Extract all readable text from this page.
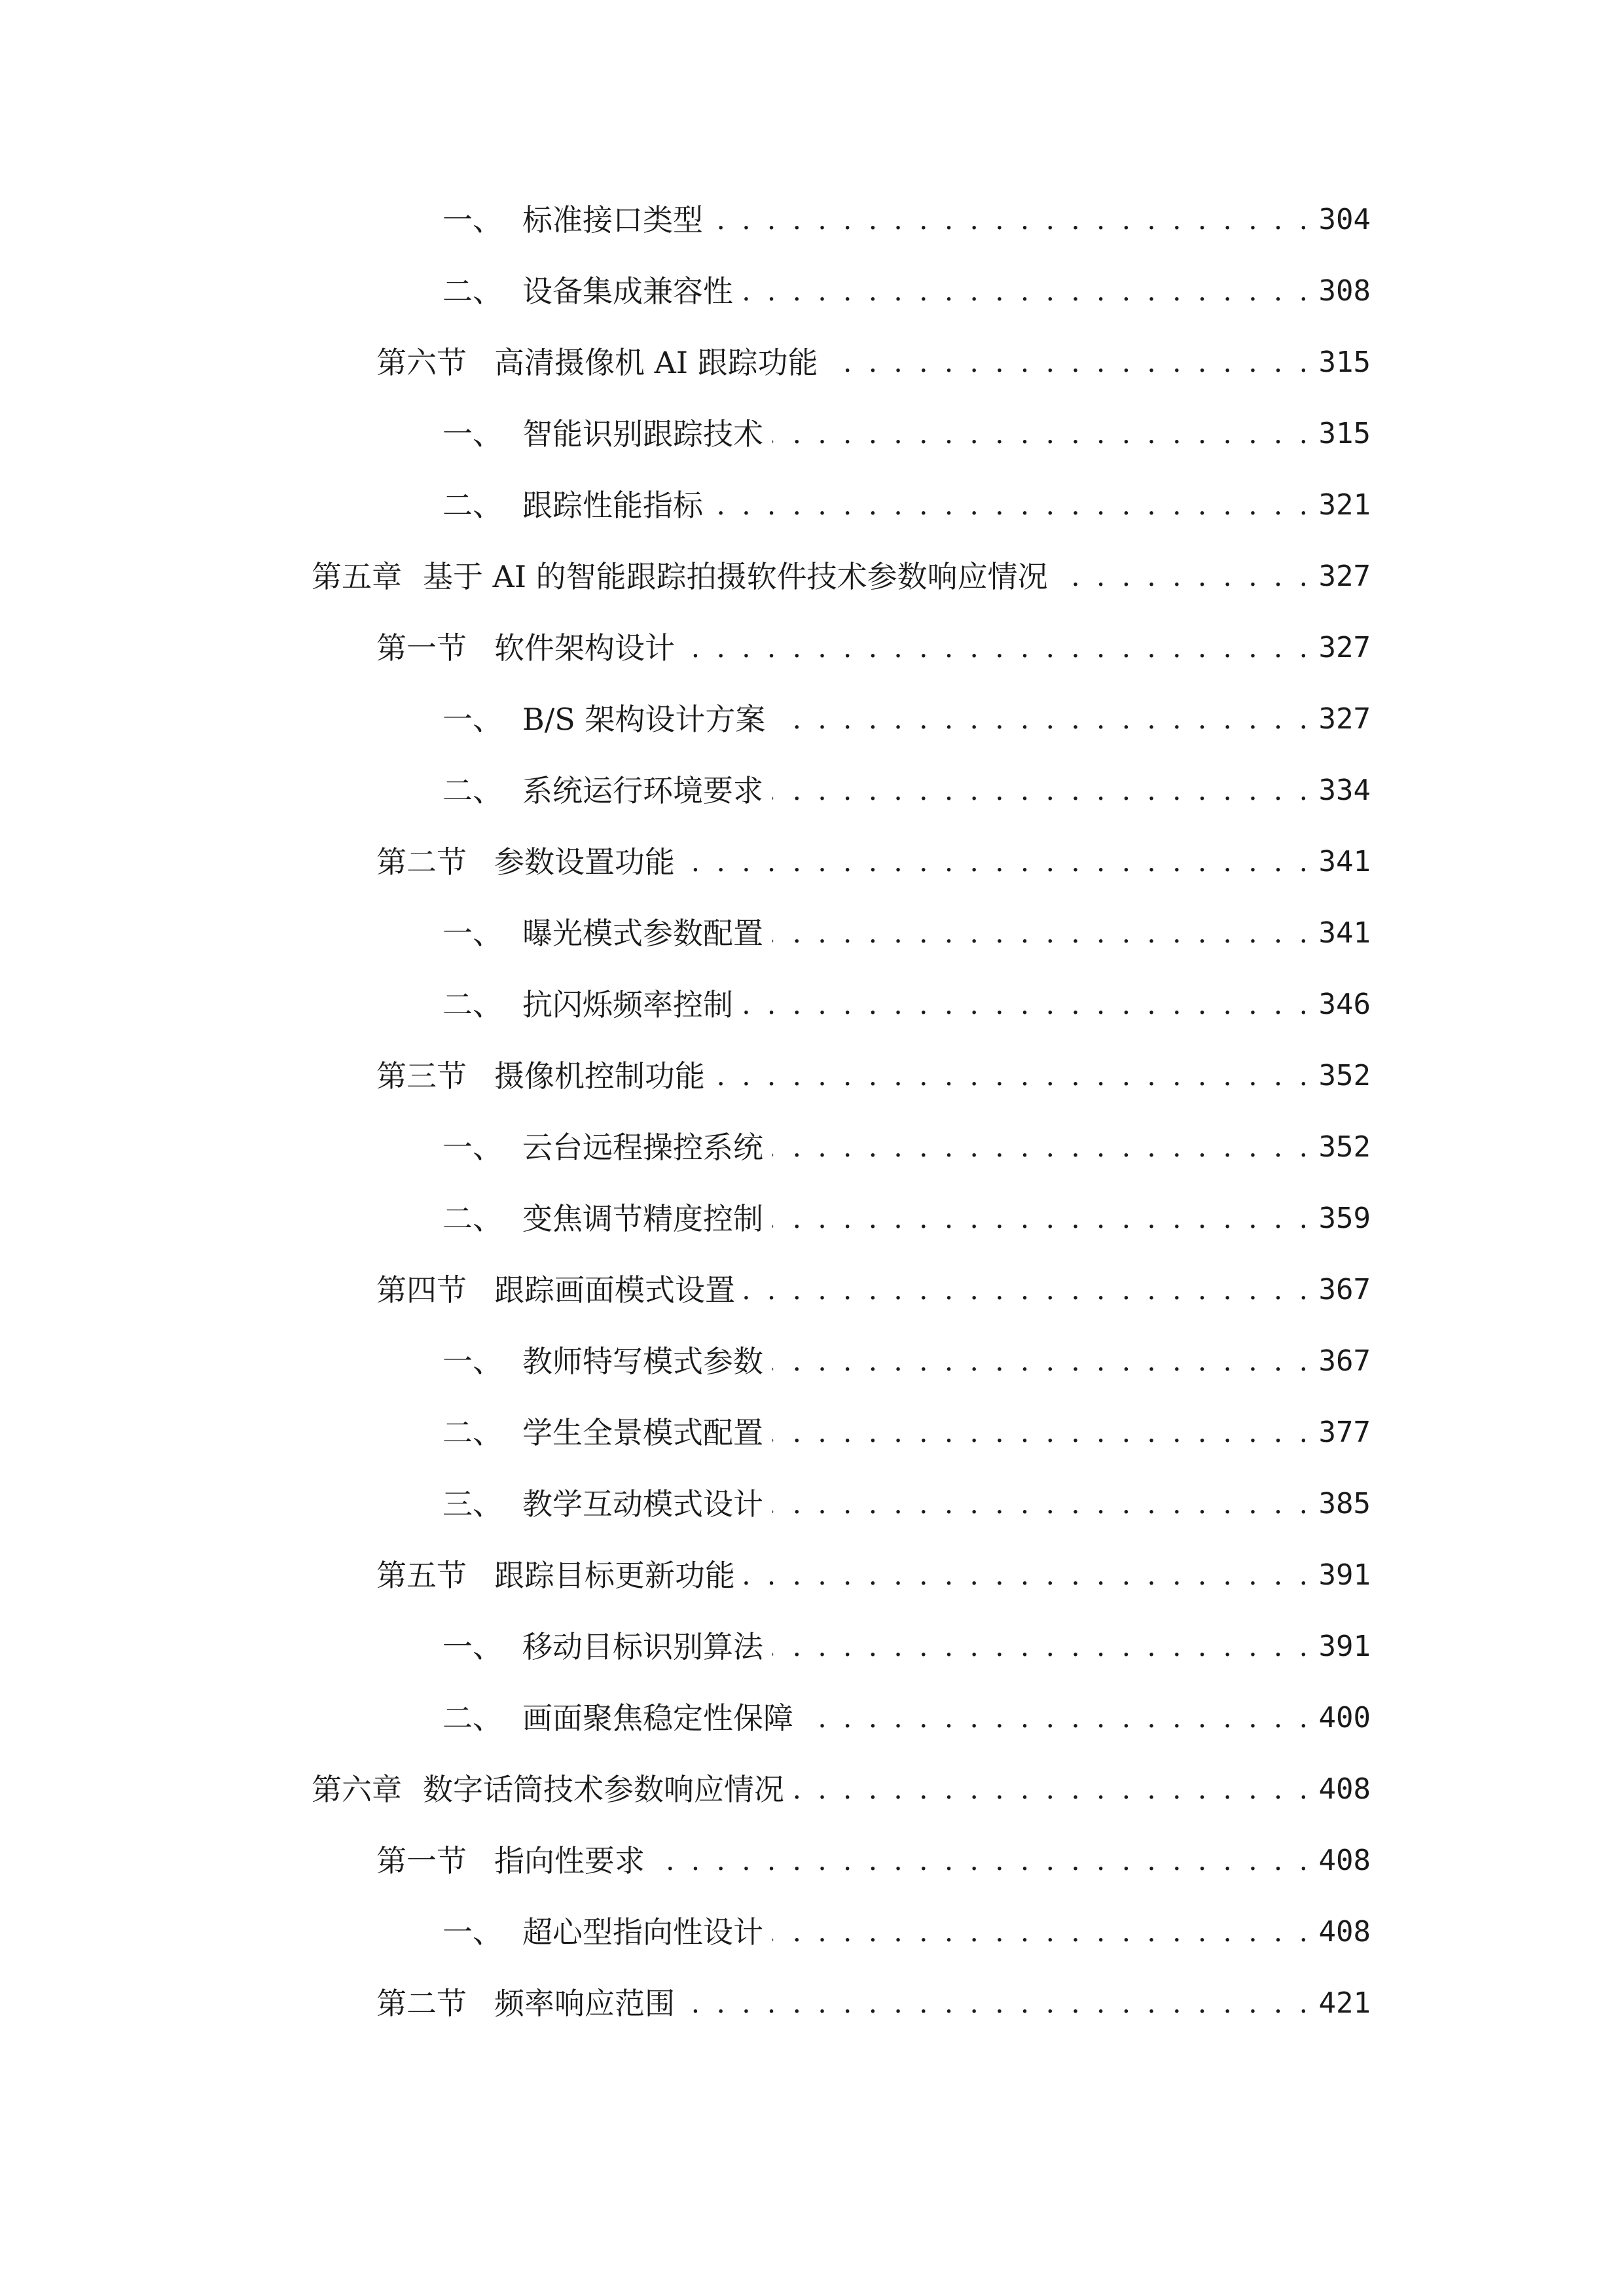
一、 标准接口类型 . . .	304
二、 设备集成兼容性 . . .	308
第六节 高清摄像机 AI 跟踪功能 . . .	315
一、 智能识别跟踪技术 . . .	315
二、 跟踪性能指标 . . .	321
第五章 基于 AI 的智能跟踪拍摄软件技术参数响应情况 . . .	327
第一节 软件架构设计 . . .	327
一、 B/S 架构设计方案 . . .	327
二、 系统运行环境要求 . . .	334
第二节 参数设置功能 . . .	341
一、 曝光模式参数配置 . . .	341
二、 抗闪烁频率控制 . . .	346
第三节 摄像机控制功能 . . .	352
一、 云台远程操控系统 . . .	352
二、 变焦调节精度控制 . . .	359
第四节 跟踪画面模式设置 . . .	367
一、 教师特写模式参数 . . .	367
二、 学生全景模式配置 . . .	377
三、 教学互动模式设计 . . .	385
第五节 跟踪目标更新功能 . . .	391
一、 移动目标识别算法 . . .	391
二、 画面聚焦稳定性保障 . . .	400
第六章 数字话筒技术参数响应情况 . . .	408
第一节 指向性要求 . . .	408
一、 超心型指向性设计 . . .	408
第二节 频率响应范围 . . .	421
